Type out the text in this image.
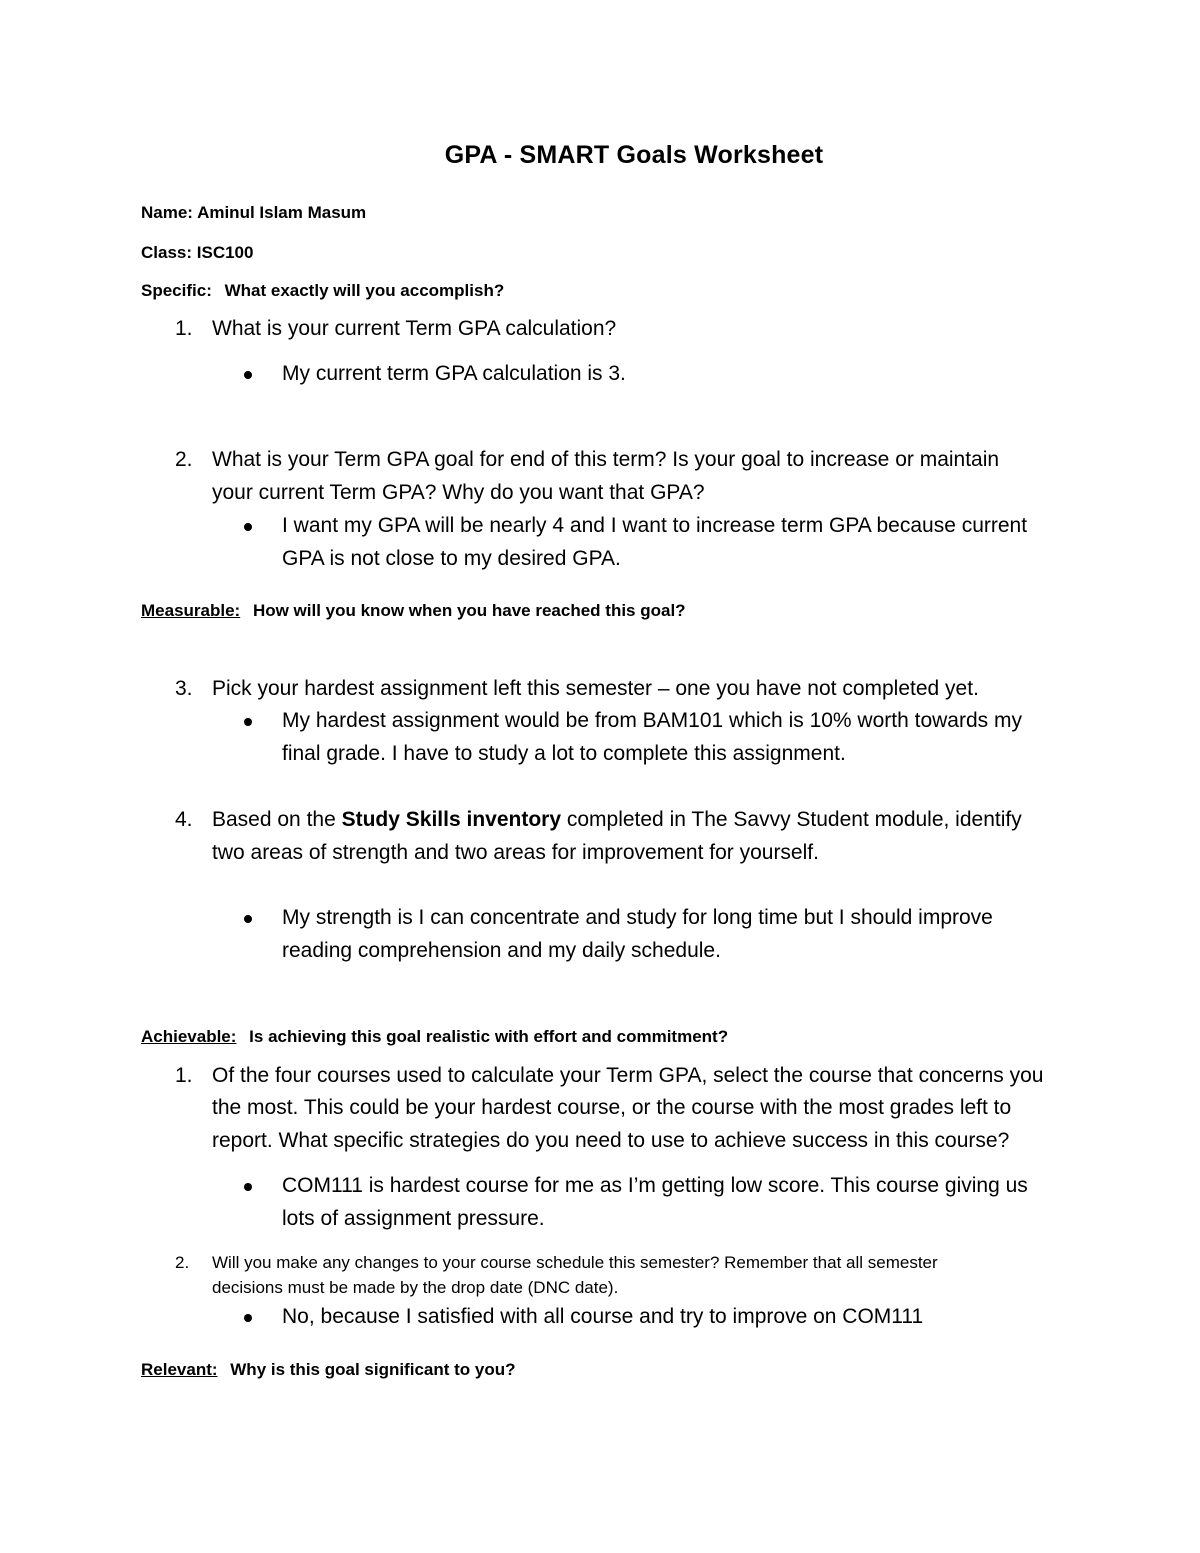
GPA - SMART Goals Worksheet
Name: Aminul Islam Masum
Class: ISC100
Specific: What exactly will you accomplish?
1. What is your current Term GPA calculation?
My current term GPA calculation is 3.
2. What is your Term GPA goal for end of this term? Is your goal to increase or maintain
your current Term GPA? Why do you want that GPA?
I want my GPA will be nearly 4 and I want to increase term GPA because current
GPA is not close to my desired GPA.
Measurable: How will you know when you have reached this goal?
3. Pick your hardest assignment left this semester – one you have not completed yet.
My hardest assignment would be from BAM101 which is 10% worth towards my
final grade. I have to study a lot to complete this assignment.
4. Based on the Study Skills inventory completed in The Savvy Student module, identify
two areas of strength and two areas for improvement for yourself.
My strength is I can concentrate and study for long time but I should improve
reading comprehension and my daily schedule.
Achievable: Is achieving this goal realistic with effort and commitment?
1. Of the four courses used to calculate your Term GPA, select the course that concerns you
the most. This could be your hardest course, or the course with the most grades left to
report. What specific strategies do you need to use to achieve success in this course?
COM111 is hardest course for me as I’m getting low score. This course giving us
lots of assignment pressure.
2.	Will you make any changes to your course schedule this semester? Remember that all semester
decisions must be made by the drop date (DNC date).
No, because I satisfied with all course and try to improve on COM111
Relevant: Why is this goal significant to you?
